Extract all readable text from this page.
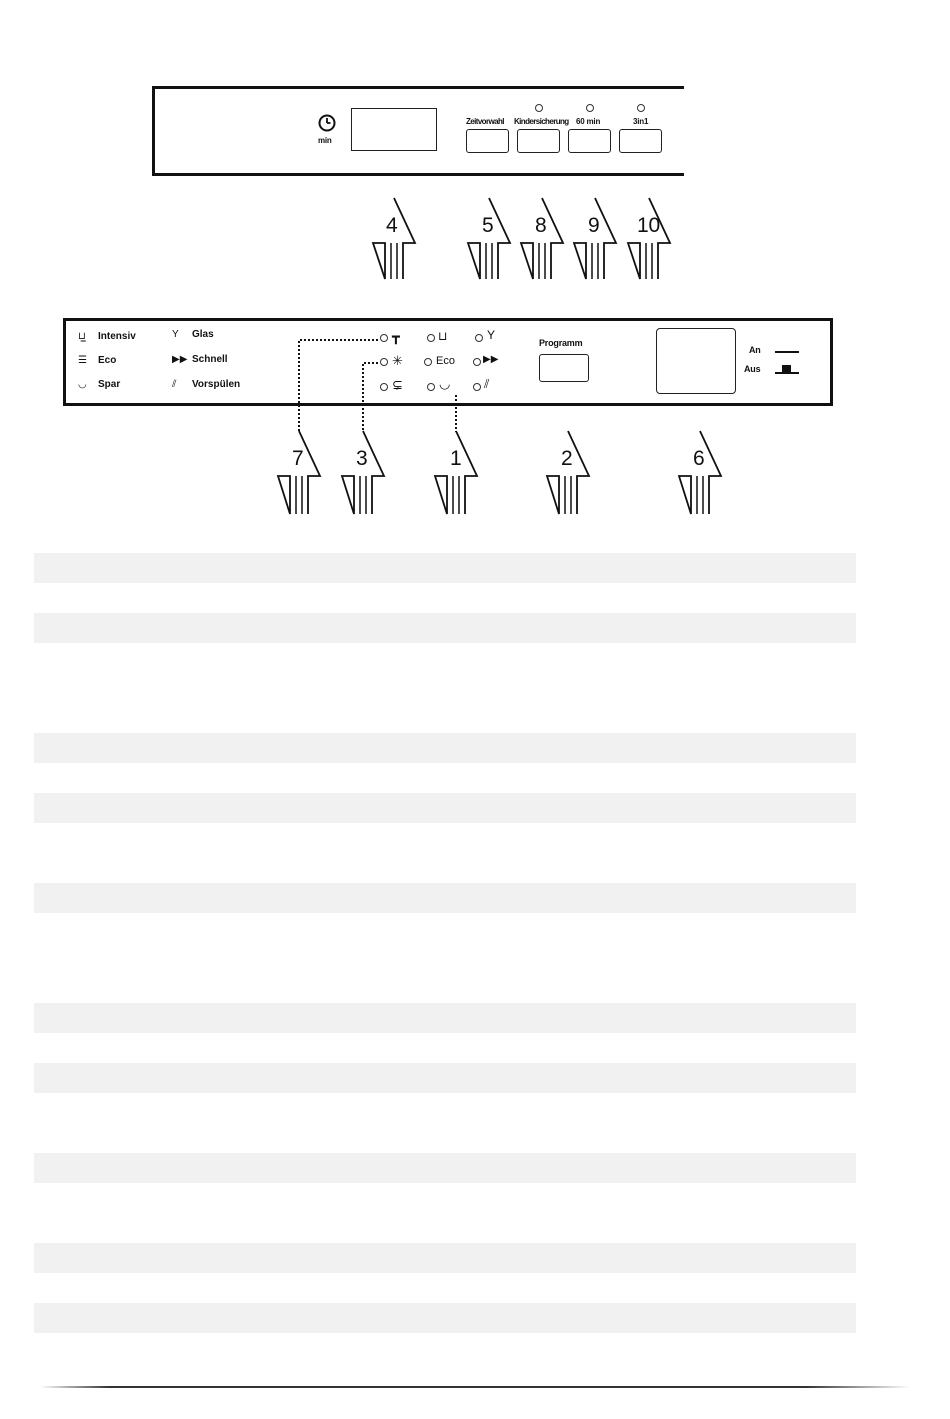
min
Zeitvorwahl Kindersicherung 60 min	3in1
4	5 8 9 10
⊔̲ Intensiv
☰ Eco
◡ Spar
Y Glas
▶▶ Schnell
⫽ Vorspülen
┳	⊔	Y
✳	Eco	▶▶
⊊	◡	⫽
Programm
An
Aus
7	3	1	2	6
